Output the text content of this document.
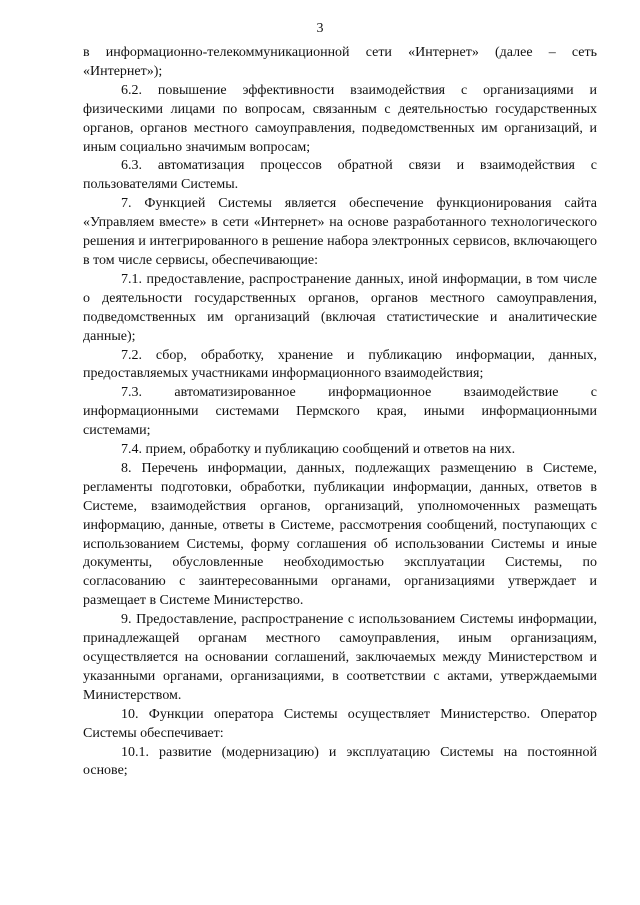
3

в информационно-телекоммуникационной сети «Интернет» (далее – сеть «Интернет»);

6.2. повышение эффективности взаимодействия с организациями и физическими лицами по вопросам, связанным с деятельностью государственных органов, органов местного самоуправления, подведомственных им организаций, и иным социально значимым вопросам;

6.3. автоматизация процессов обратной связи и взаимодействия с пользователями Системы.

7. Функцией Системы является обеспечение функционирования сайта «Управляем вместе» в сети «Интернет» на основе разработанного технологического решения и интегрированного в решение набора электронных сервисов, включающего в том числе сервисы, обеспечивающие:

7.1. предоставление, распространение данных, иной информации, в том числе о деятельности государственных органов, органов местного самоуправления, подведомственных им организаций (включая статистические и аналитические данные);

7.2. сбор, обработку, хранение и публикацию информации, данных, предоставляемых участниками информационного взаимодействия;

7.3. автоматизированное информационное взаимодействие с информационными системами Пермского края, иными информационными системами;

7.4. прием, обработку и публикацию сообщений и ответов на них.

8. Перечень информации, данных, подлежащих размещению в Системе, регламенты подготовки, обработки, публикации информации, данных, ответов в Системе, взаимодействия органов, организаций, уполномоченных размещать информацию, данные, ответы в Системе, рассмотрения сообщений, поступающих с использованием Системы, форму соглашения об использовании Системы и иные документы, обусловленные необходимостью эксплуатации Системы, по согласованию с заинтересованными органами, организациями утверждает и размещает в Системе Министерство.

9. Предоставление, распространение с использованием Системы информации, принадлежащей органам местного самоуправления, иным организациям, осуществляется на основании соглашений, заключаемых между Министерством и указанными органами, организациями, в соответствии с актами, утверждаемыми Министерством.

10. Функции оператора Системы осуществляет Министерство. Оператор Системы обеспечивает:

10.1. развитие (модернизацию) и эксплуатацию Системы на постоянной основе;
